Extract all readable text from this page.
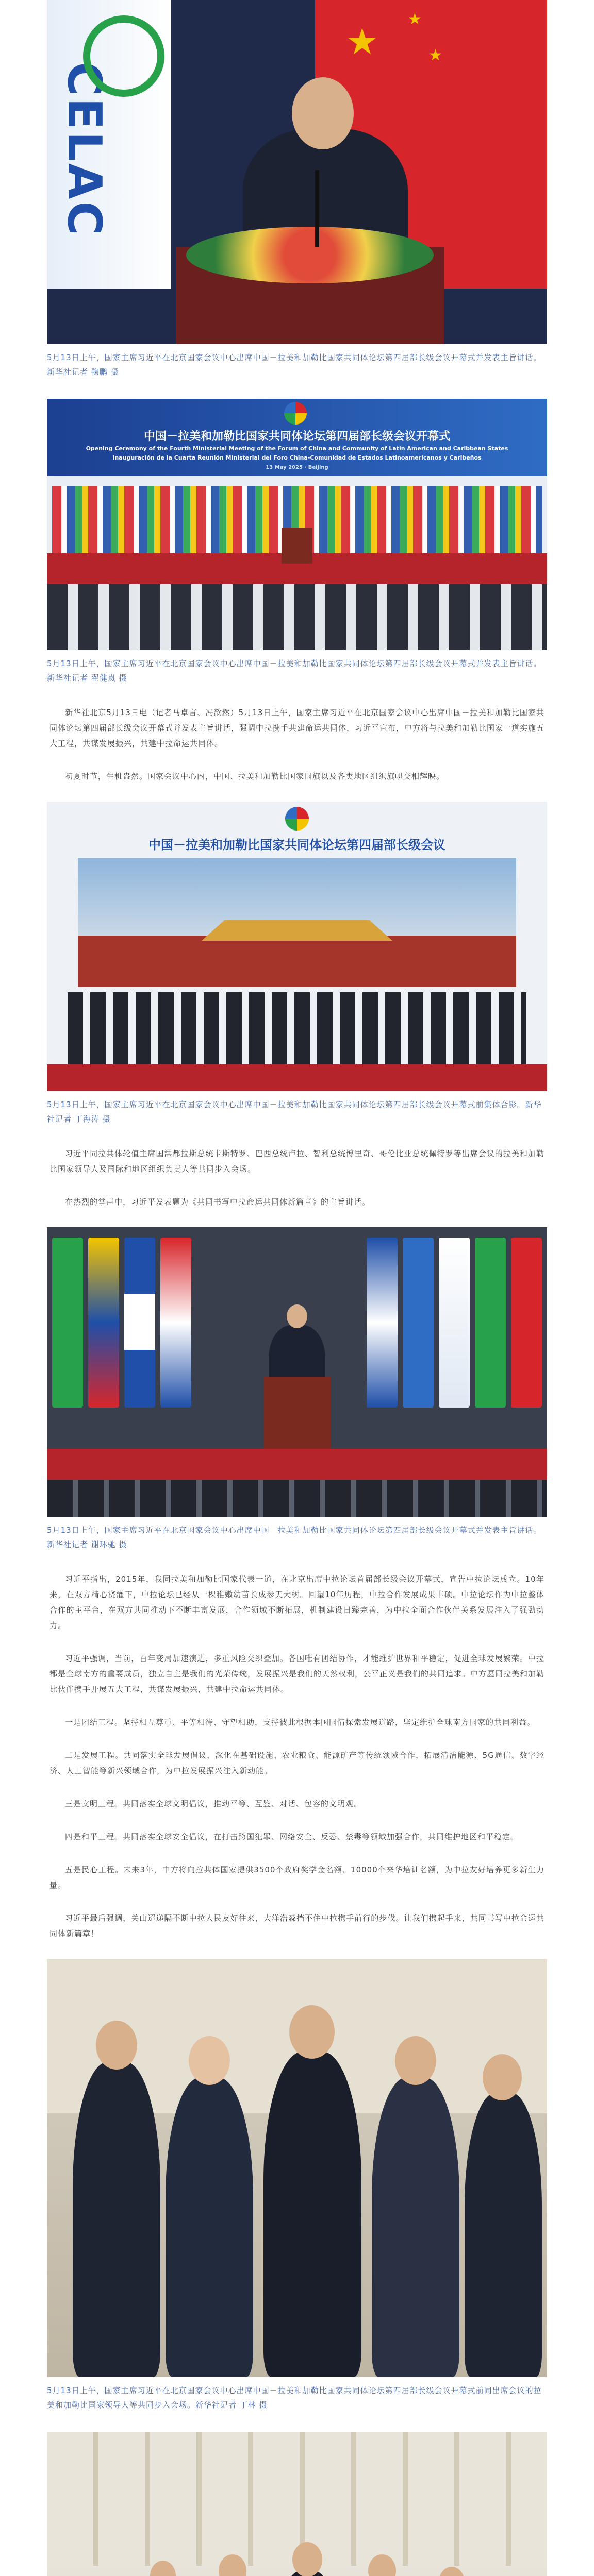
★
★
★
CELAC
5月13日上午，国家主席习近平在北京国家会议中心出席中国－拉美和加勒比国家共同体论坛第四届部长级会议开幕式并发表主旨讲话。新华社记者 鞠鹏 摄
中国－拉美和加勒比国家共同体论坛第四届部长级会议开幕式
Opening Ceremony of the Fourth Ministerial Meeting of the Forum of China and Community of Latin American and Caribbean States
Inauguración de la Cuarta Reunión Ministerial del Foro China-Comunidad de Estados Latinoamericanos y Caribeños
13 May 2025 · Beijing
5月13日上午，国家主席习近平在北京国家会议中心出席中国－拉美和加勒比国家共同体论坛第四届部长级会议开幕式并发表主旨讲话。新华社记者 翟健岚 摄
新华社北京5月13日电（记者马卓言、冯歆然）5月13日上午，国家主席习近平在北京国家会议中心出席中国－拉美和加勒比国家共同体论坛第四届部长级会议开幕式并发表主旨讲话，强调中拉携手共建命运共同体，习近平宣布，中方将与拉美和加勒比国家一道实施五大工程，共谋发展振兴，共建中拉命运共同体。
初夏时节，生机盎然。国家会议中心内，中国、拉美和加勒比国家国旗以及各类地区组织旗帜交相辉映。
中国－拉美和加勒比国家共同体论坛第四届部长级会议
5月13日上午，国家主席习近平在北京国家会议中心出席中国－拉美和加勒比国家共同体论坛第四届部长级会议开幕式前集体合影。新华社记者 丁海涛 摄
习近平同拉共体轮值主席国洪都拉斯总统卡斯特罗、巴西总统卢拉、智利总统博里奇、哥伦比亚总统佩特罗等出席会议的拉美和加勒比国家领导人及国际和地区组织负责人等共同步入会场。
在热烈的掌声中，习近平发表题为《共同书写中拉命运共同体新篇章》的主旨讲话。
5月13日上午，国家主席习近平在北京国家会议中心出席中国－拉美和加勒比国家共同体论坛第四届部长级会议开幕式并发表主旨讲话。新华社记者 谢环驰 摄
习近平指出，2015年，我同拉美和加勒比国家代表一道，在北京出席中拉论坛首届部长级会议开幕式，宣告中拉论坛成立。10年来，在双方精心浇灌下，中拉论坛已经从一棵稚嫩幼苗长成参天大树。回望10年历程，中拉合作发展成果丰硕。中拉论坛作为中拉整体合作的主平台，在双方共同推动下不断丰富发展，合作领域不断拓展，机制建设日臻完善，为中拉全面合作伙伴关系发展注入了强劲动力。
习近平强调，当前，百年变局加速演进，多重风险交织叠加。各国唯有团结协作，才能维护世界和平稳定，促进全球发展繁荣。中拉都是全球南方的重要成员，独立自主是我们的光荣传统，发展振兴是我们的天然权利，公平正义是我们的共同追求。中方愿同拉美和加勒比伙伴携手开展五大工程，共谋发展振兴，共建中拉命运共同体。
一是团结工程。坚持相互尊重、平等相待、守望相助，支持彼此根据本国国情探索发展道路，坚定维护全球南方国家的共同利益。
二是发展工程。共同落实全球发展倡议，深化在基础设施、农业粮食、能源矿产等传统领域合作，拓展清洁能源、5G通信、数字经济、人工智能等新兴领域合作，为中拉发展振兴注入新动能。
三是文明工程。共同落实全球文明倡议，推动平等、互鉴、对话、包容的文明观。
四是和平工程。共同落实全球安全倡议，在打击跨国犯罪、网络安全、反恐、禁毒等领域加强合作，共同维护地区和平稳定。
五是民心工程。未来3年，中方将向拉共体国家提供3500个政府奖学金名额、10000个来华培训名额，为中拉友好培养更多新生力量。
习近平最后强调，关山迢递隔不断中拉人民友好往来，大洋浩淼挡不住中拉携手前行的步伐。让我们携起手来，共同书写中拉命运共同体新篇章！
5月13日上午，国家主席习近平在北京国家会议中心出席中国－拉美和加勒比国家共同体论坛第四届部长级会议开幕式前同出席会议的拉美和加勒比国家领导人等共同步入会场。新华社记者 丁林 摄
